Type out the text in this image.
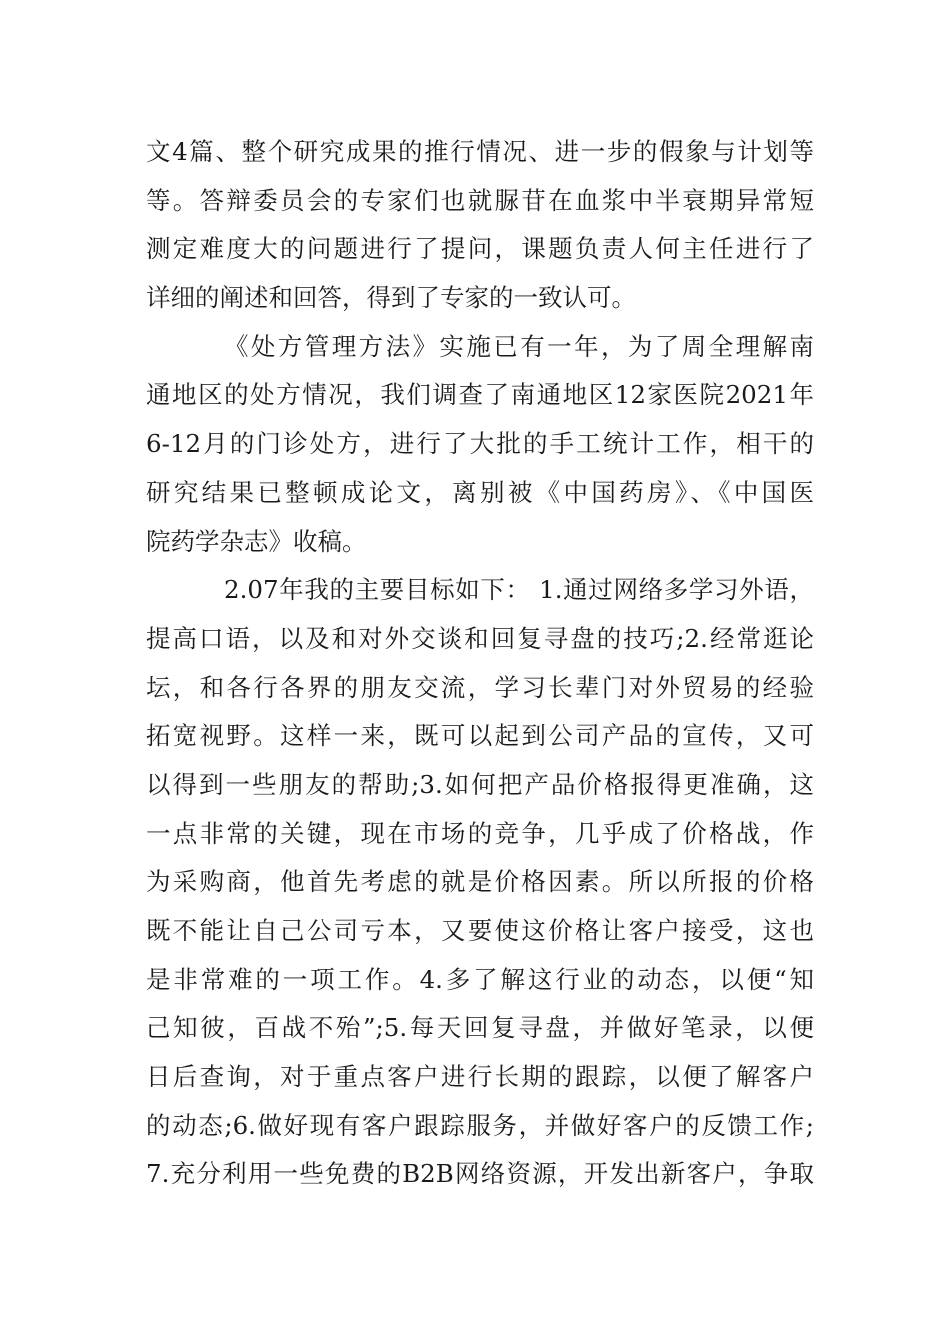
文4篇、整个研究成果的推行情况、进一步的假象与计划等
等。答辩委员会的专家们也就脲苷在血浆中半衰期异常短
测定难度大的问题进行了提问，课题负责人何主任进行了
详细的阐述和回答，得到了专家的一致认可。
《处方管理方法》实施已有一年，为了周全理解南
通地区的处方情况，我们调查了南通地区12家医院2021年
6-12月的门诊处方，进行了大批的手工统计工作，相干的
研究结果已整顿成论文，离别被《中国药房》、《中国医
院药学杂志》收稿。
2.07年我的主要目标如下： 1.通过网络多学习外语，
提高口语，以及和对外交谈和回复寻盘的技巧;2.经常逛论
坛，和各行各界的朋友交流，学习长辈门对外贸易的经验
拓宽视野。这样一来，既可以起到公司产品的宣传，又可
以得到一些朋友的帮助;3.如何把产品价格报得更准确，这
一点非常的关键，现在市场的竞争，几乎成了价格战，作
为采购商，他首先考虑的就是价格因素。所以所报的价格
既不能让自己公司亏本，又要使这价格让客户接受，这也
是非常难的一项工作。4.多了解这行业的动态，以便“知
己知彼，百战不殆”;5.每天回复寻盘，并做好笔录，以便
日后查询，对于重点客户进行长期的跟踪，以便了解客户
的动态;6.做好现有客户跟踪服务，并做好客户的反馈工作;
7.充分利用一些免费的B2B网络资源，开发出新客户，争取
